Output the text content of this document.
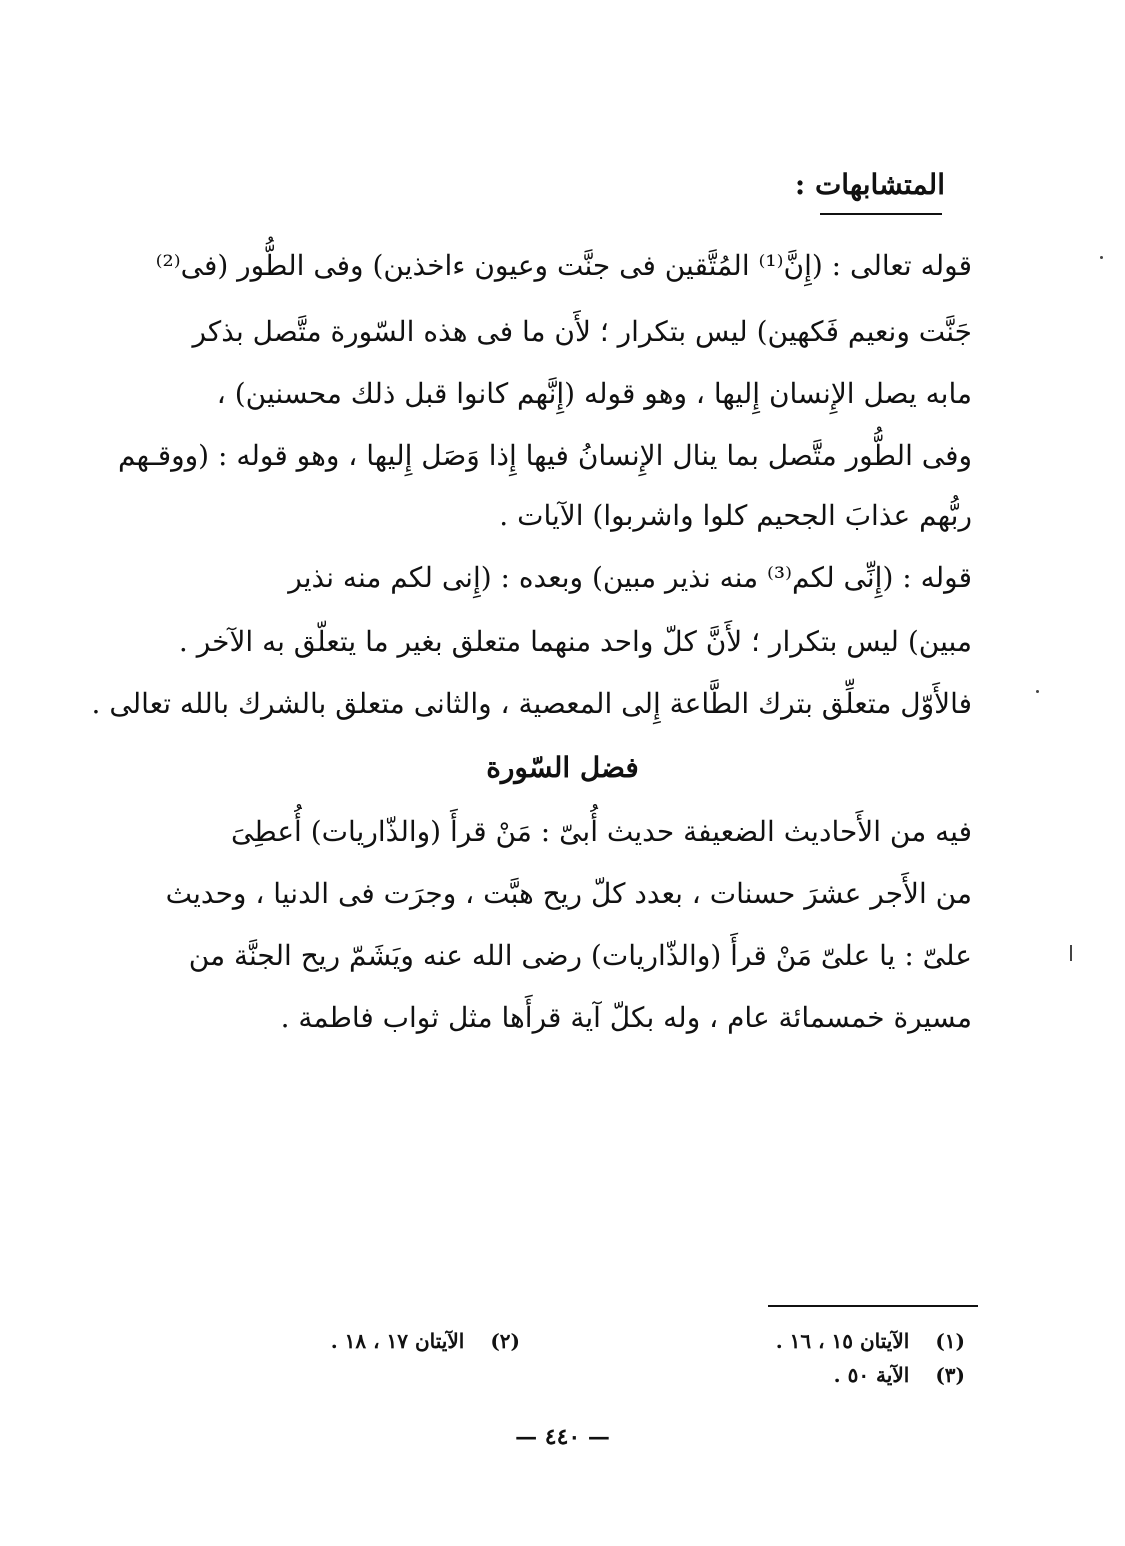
المتشابهات :

قوله تعالى : (إِنَّ⁽¹⁾ المُتَّقين فى جنَّت وعيون ءاخذين) وفى الطُّور (فى⁽²⁾

جَنَّت ونعيم فَكهين) ليس بتكرار ؛ لأَن ما فى هذه السّورة متَّصل بذكر

مابه يصل الإِنسان إِليها ، وهو قوله (إِنَّهم كانوا قبل ذلك محسنين) ،

وفى الطُّور متَّصل بما ينال الإِنسانُ فيها إِذا وَصَل إِليها ، وهو قوله : (ووقـهم

ربُّهم عذابَ الجحيم كلوا واشربوا) الآيات .

قوله : (إِنِّى لكم⁽³⁾ منه نذير مبين) وبعده : (إِنى لكم منه نذير

مبين) ليس بتكرار ؛ لأَنَّ كلّ واحد منهما متعلق بغير ما يتعلّق به الآخر .

فالأَوّل متعلِّق بترك الطَّاعة إِلى المعصية ، والثانى متعلق بالشرك بالله تعالى .

فضل السّورة

فيه من الأَحاديث الضعيفة حديث أُبىّ : مَنْ قرأَ (والذّاريات) أُعطِىَ

من الأَجر عشرَ حسنات ، بعدد كلّ ريح هبَّت ، وجرَت فى الدنيا ، وحديث

علىّ : يا علىّ مَنْ قرأَ (والذّاريات) رضى الله عنه ويَشَمّ ريح الجنَّة من

مسيرة خمسمائة عام ، وله بكلّ آية قرأَها مثل ثواب فاطمة .

(١)الآيتان ١٥ ، ١٦ .
(٢)الآيتان ١٧ ، ١٨ .
(٣)الآية ٥٠ .
— ٤٤٠ —
